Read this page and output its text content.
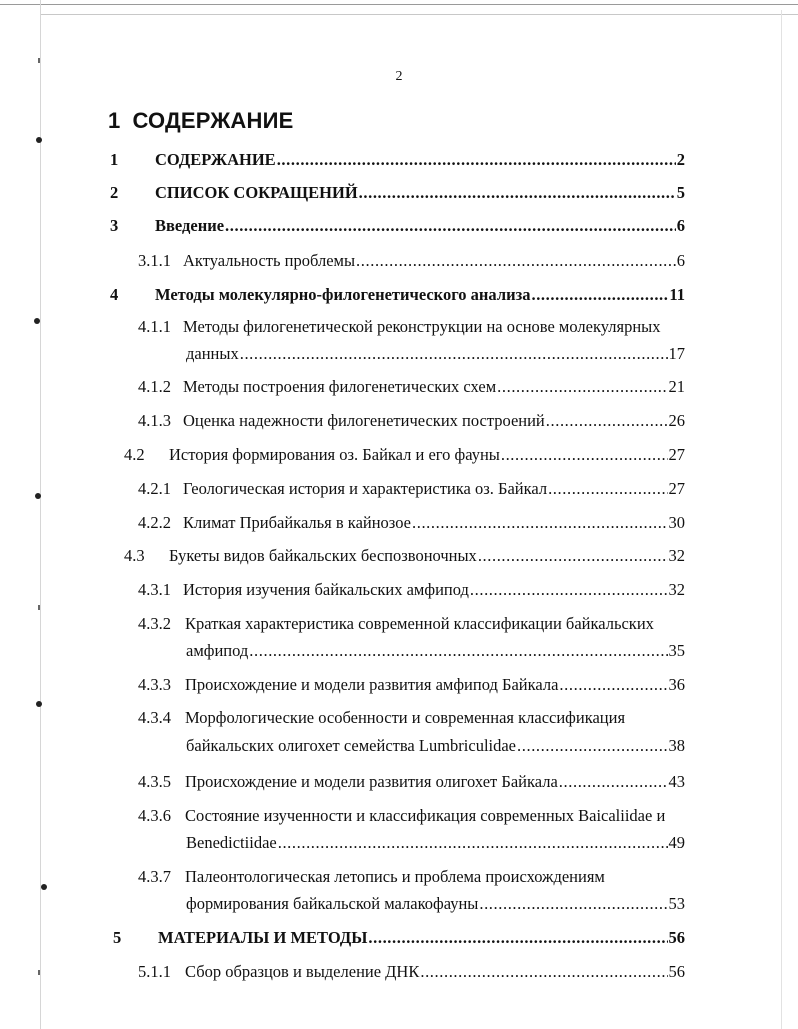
2
1 СОДЕРЖАНИЕ
1 СОДЕРЖАНИЕ .....	2
2 СПИСОК СОКРАЩЕНИЙ .....	5
3 Введение .....	6
3.1.1 Актуальность проблемы .....	6
4 Методы молекулярно-филогенетического анализа .....	11
4.1.1 Методы филогенетической реконструкции на основе молекулярных
данных .....	17
4.1.2 Методы построения филогенетических схем .....	21
4.1.3 Оценка надежности филогенетических построений .....	26
4.2 История формирования оз. Байкал и его фауны .....	27
4.2.1 Геологическая история и характеристика оз. Байкал .....	27
4.2.2 Климат Прибайкалья в кайнозое .....	30
4.3 Букеты видов байкальских беспозвоночных .....	32
4.3.1 История изучения байкальских амфипод .....	32
4.3.2 Краткая характеристика современной классификации байкальских
амфипод .....	35
4.3.3 Происхождение и модели развития амфипод Байкала .....	36
4.3.4 Морфологические особенности и современная классификация
байкальских олигохет семейства Lumbriculidae .....	38
4.3.5 Происхождение и модели развития олигохет Байкала .....	43
4.3.6 Состояние изученности и классификация современных Baicaliidae и
Benedictiidae .....	49
4.3.7 Палеонтологическая летопись и проблема происхождениям
формирования байкальской малакофауны .....	53
5 МАТЕРИАЛЫ И МЕТОДЫ .....	56
5.1.1 Сбор образцов и выделение ДНК .....	56
